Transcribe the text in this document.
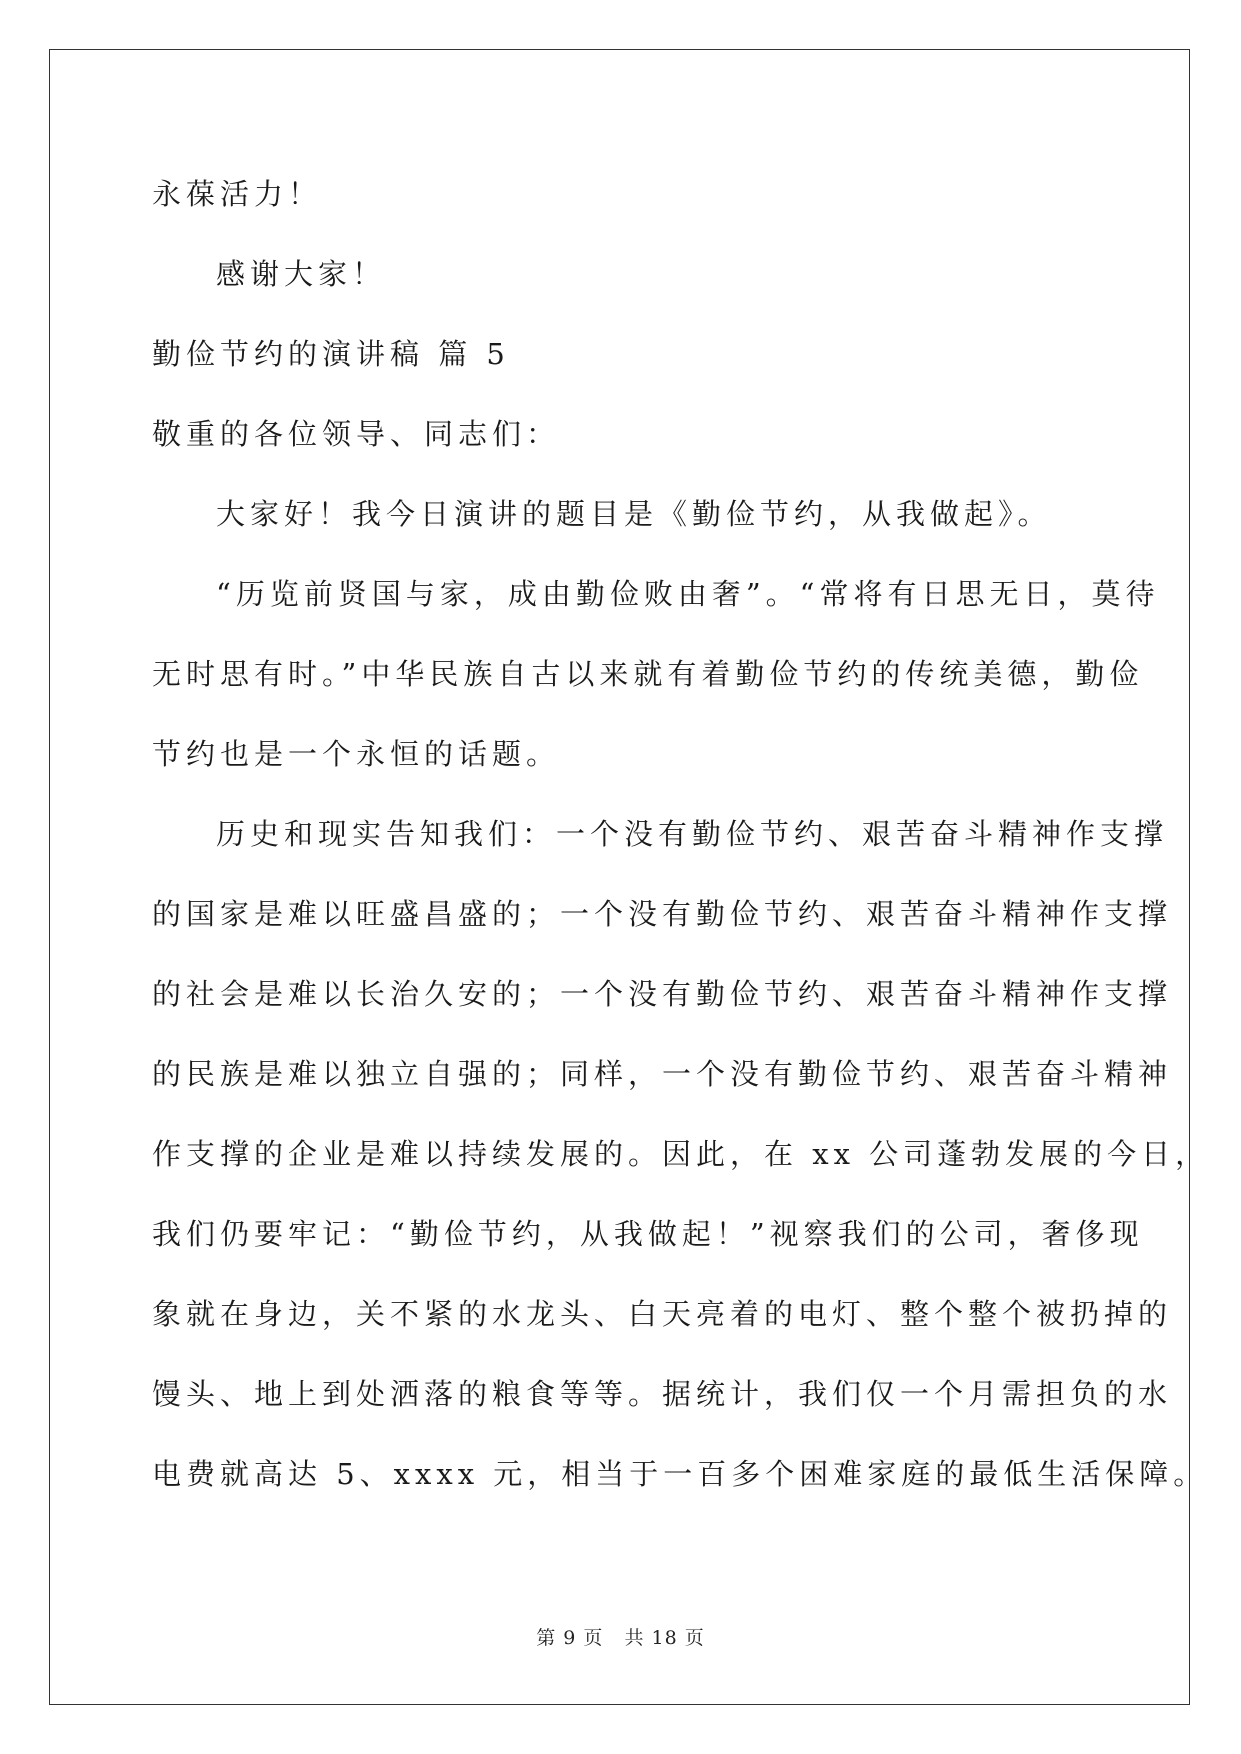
永葆活力！
感谢大家！
勤俭节约的演讲稿 篇 5
敬重的各位领导、同志们：
大家好！我今日演讲的题目是《勤俭节约，从我做起》。
“历览前贤国与家，成由勤俭败由奢”。“常将有日思无日，莫待
无时思有时。”中华民族自古以来就有着勤俭节约的传统美德，勤俭
节约也是一个永恒的话题。
历史和现实告知我们：一个没有勤俭节约、艰苦奋斗精神作支撑
的国家是难以旺盛昌盛的；一个没有勤俭节约、艰苦奋斗精神作支撑
的社会是难以长治久安的；一个没有勤俭节约、艰苦奋斗精神作支撑
的民族是难以独立自强的；同样，一个没有勤俭节约、艰苦奋斗精神
作支撑的企业是难以持续发展的。因此，在 xx 公司蓬勃发展的今日，
我们仍要牢记：“勤俭节约，从我做起！”视察我们的公司，奢侈现
象就在身边，关不紧的水龙头、白天亮着的电灯、整个整个被扔掉的
馒头、地上到处洒落的粮食等等。据统计，我们仅一个月需担负的水
电费就高达 5、xxxx 元，相当于一百多个困难家庭的最低生活保障。
第 9 页   共 18 页
